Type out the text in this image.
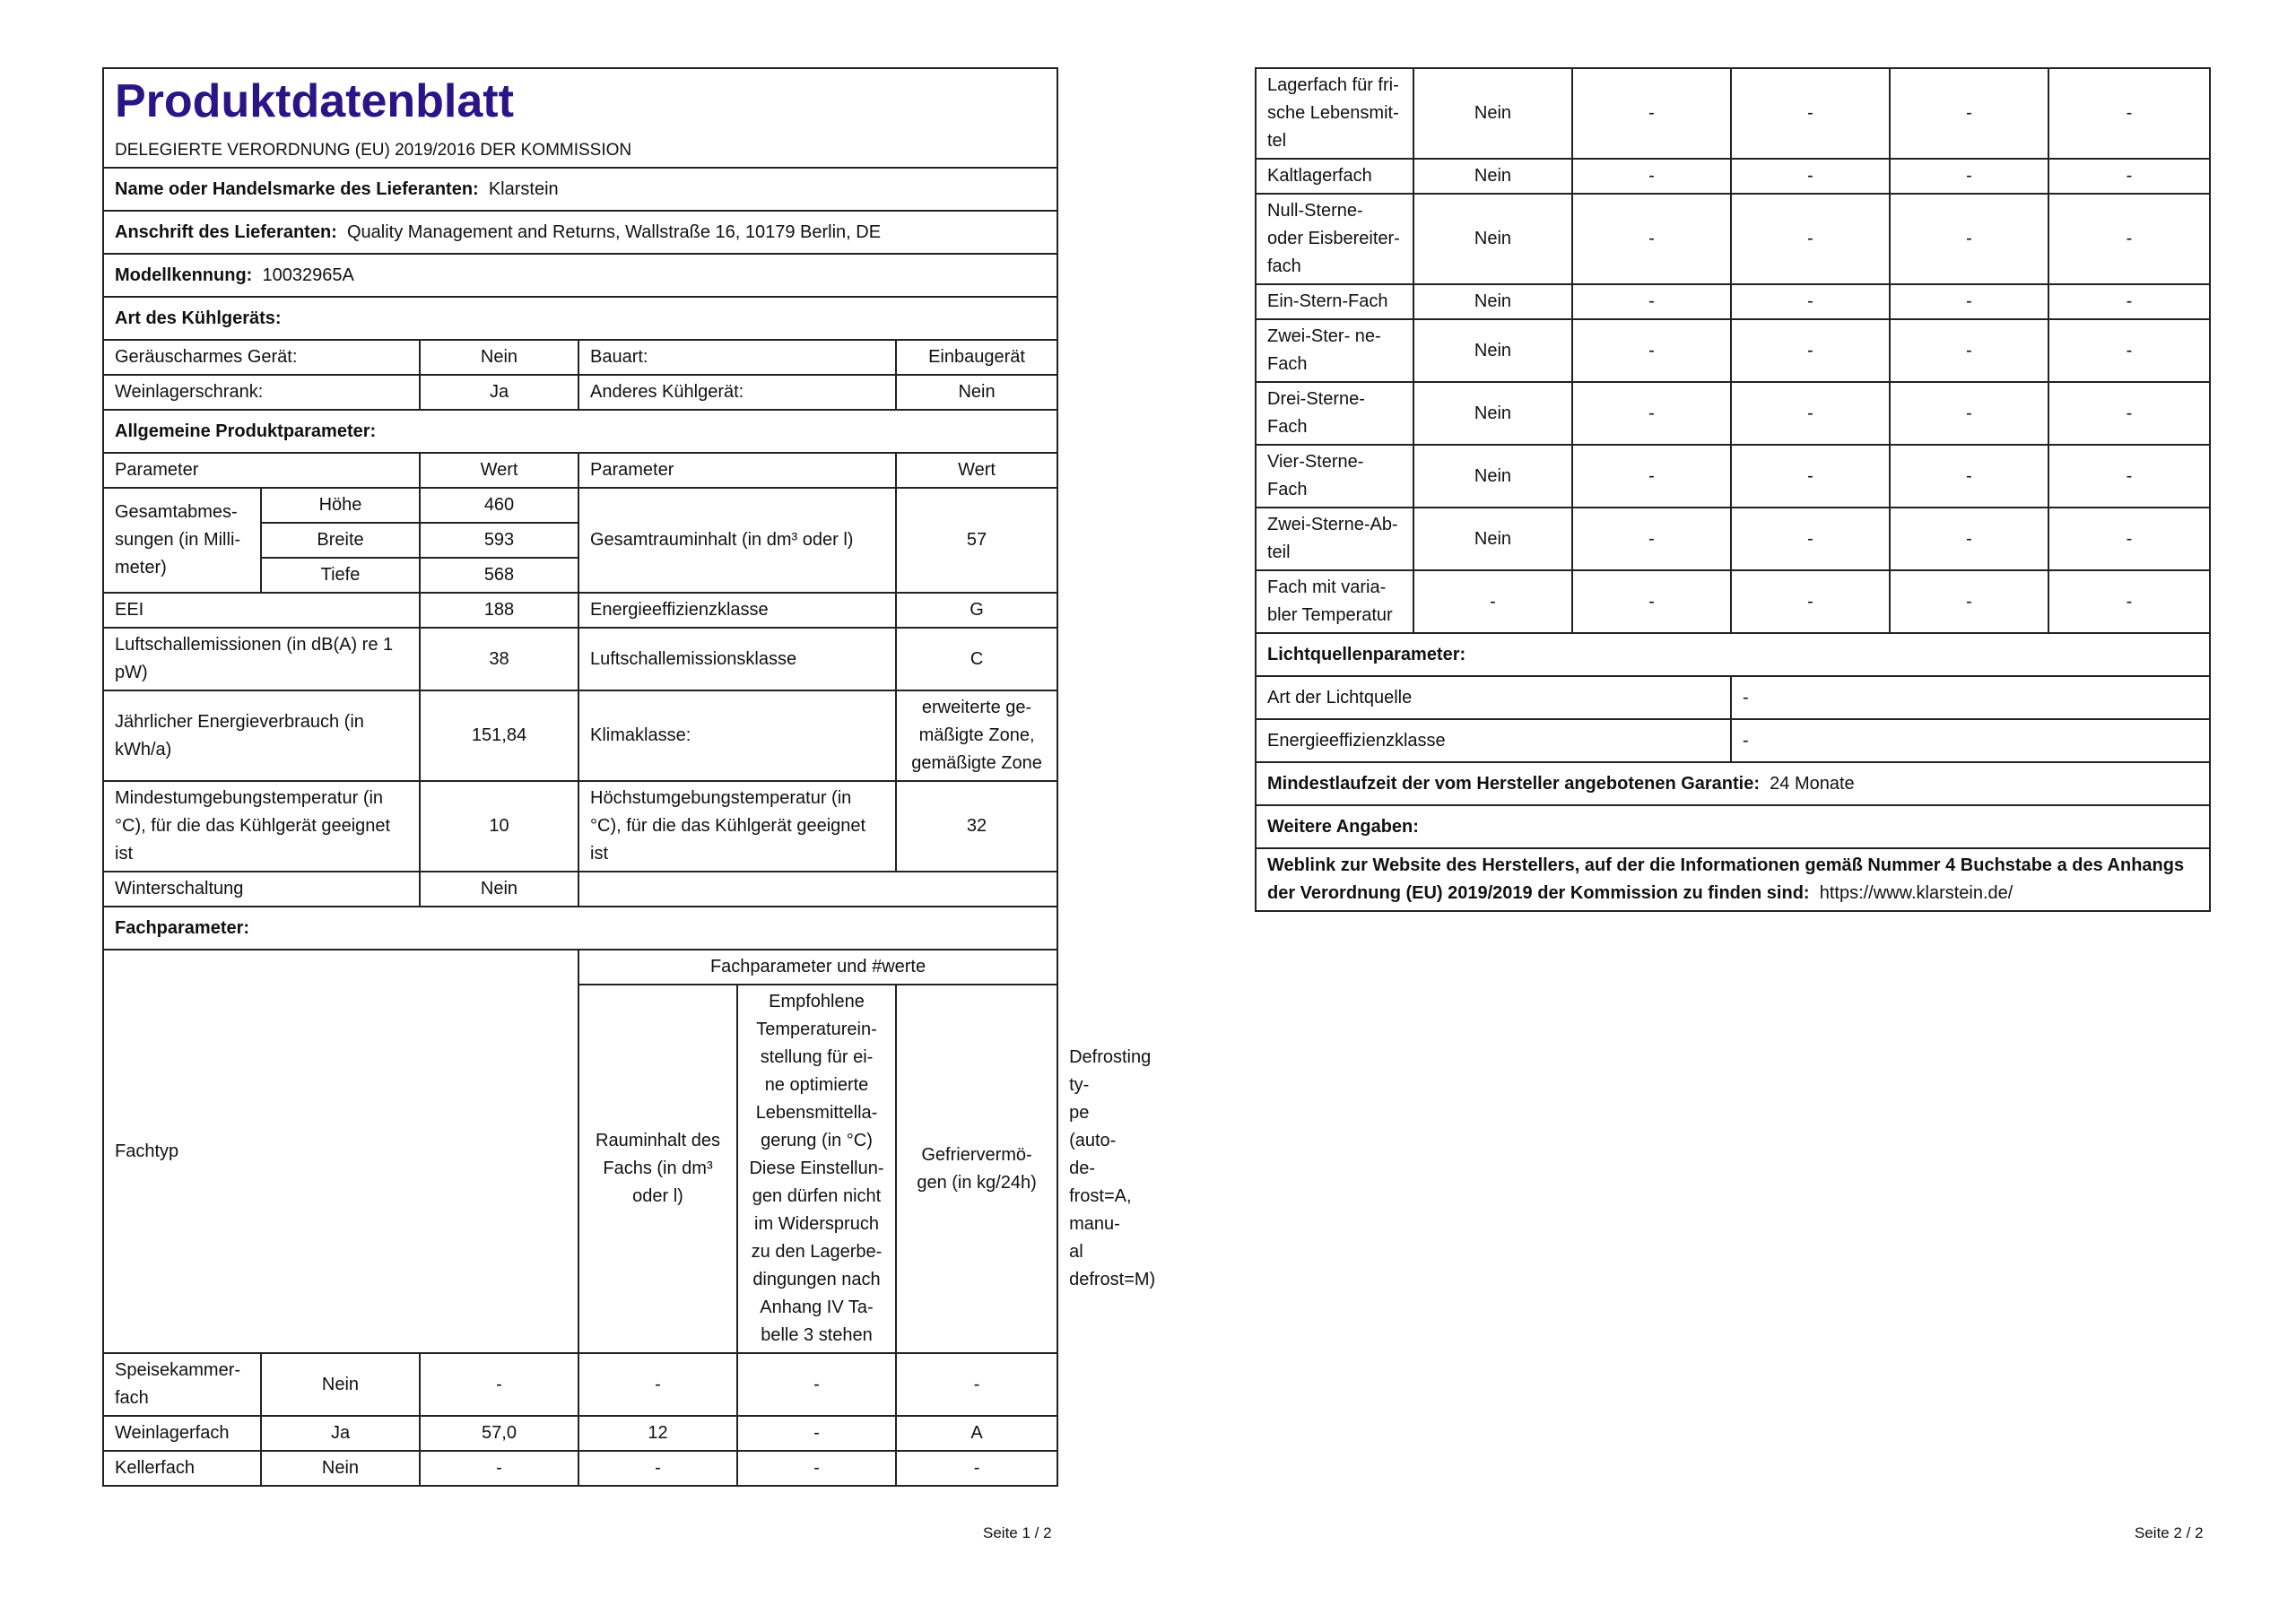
Produktdatenblatt
DELEGIERTE VERORDNUNG (EU) 2019/2016 DER KOMMISSION						

Name oder Handelsmarke des Lieferanten: Klarstein						
Anschrift des Lieferanten: Quality Management and Returns, Wallstraße 16, 10179 Berlin, DE						
Modellkennung: 10032965A						
Art des Kühlgeräts:						
Geräuscharmes Gerät:		Nein	Bauart:		Einbaugerät	
Weinlagerschrank:		Ja	Anderes Kühlgerät:		Nein	
Allgemeine Produktparameter:						
Parameter		Wert	Parameter		Wert	
Gesamtabmes- sungen (in Milli- meter)	Höhe	460	Gesamtrauminhalt (in dm³ oder l)		57	
	Breite	593				
	Tiefe	568				
EEI		188	Energieeffizienzklasse		G	
Luftschallemissionen (in dB(A) re 1 pW)		38	Luftschallemissionsklasse		C	
Jährlicher Energieverbrauch (in kWh/a)		151,84	Klimaklasse:		erweiterte ge- mäßigte Zone, gemäßigte Zone	
Mindestumgebungstemperatur (in °C), für die das Kühlgerät geeignet ist		10	Höchstumgebungstemperatur (in °C), für die das Kühlgerät geeignet ist		32	
Winterschaltung		Nein				
Fachparameter:						
Fachtyp			Fachparameter und #werte			
			Rauminhalt des Fachs (in dm³ oder l)	Empfohlene Temperaturein- stellung für ei- ne optimierte Lebensmittella- gerung (in °C) Diese Einstellun- gen dürfen nicht im Widerspruch zu den Lagerbe- dingungen nach Anhang IV Ta- belle 3 stehen	Gefriervermö- gen (in kg/24h)	Defrosting ty- pe (auto-de- frost=A, manu- al defrost=M)
Speisekammer- fach	Nein	-	-	-	-	
Weinlagerfach	Ja	57,0	12	-	A	
Kellerfach	Nein	-	-	-	-	
Seite 1 / 2
Lagerfach für fri- sche Lebensmit- tel	Nein	-	-	-	-
Kaltlagerfach	Nein	-	-	-	-
Null-Sterne- oder Eisbereiter- fach	Nein	-	-	-	-
Ein-Stern-Fach	Nein	-	-	-	-
Zwei-Ster- ne-Fach	Nein	-	-	-	-
Drei-Sterne-Fach	Nein	-	-	-	-
Vier-Sterne-Fach	Nein	-	-	-	-
Zwei-Sterne-Ab- teil	Nein	-	-	-	-
Fach mit varia- bler Temperatur	-	-	-	-	-
Lichtquellenparameter:					
Art der Lichtquelle			-		
Energieeffizienzklasse			-		
Mindestlaufzeit der vom Hersteller angebotenen Garantie: 24 Monate					
Weitere Angaben:					
Weblink zur Website des Herstellers, auf der die Informationen gemäß Nummer 4 Buchstabe a des Anhangs der Verordnung (EU) 2019/2019 der Kommission zu finden sind: https://www.klarstein.de/					
Seite 2 / 2
